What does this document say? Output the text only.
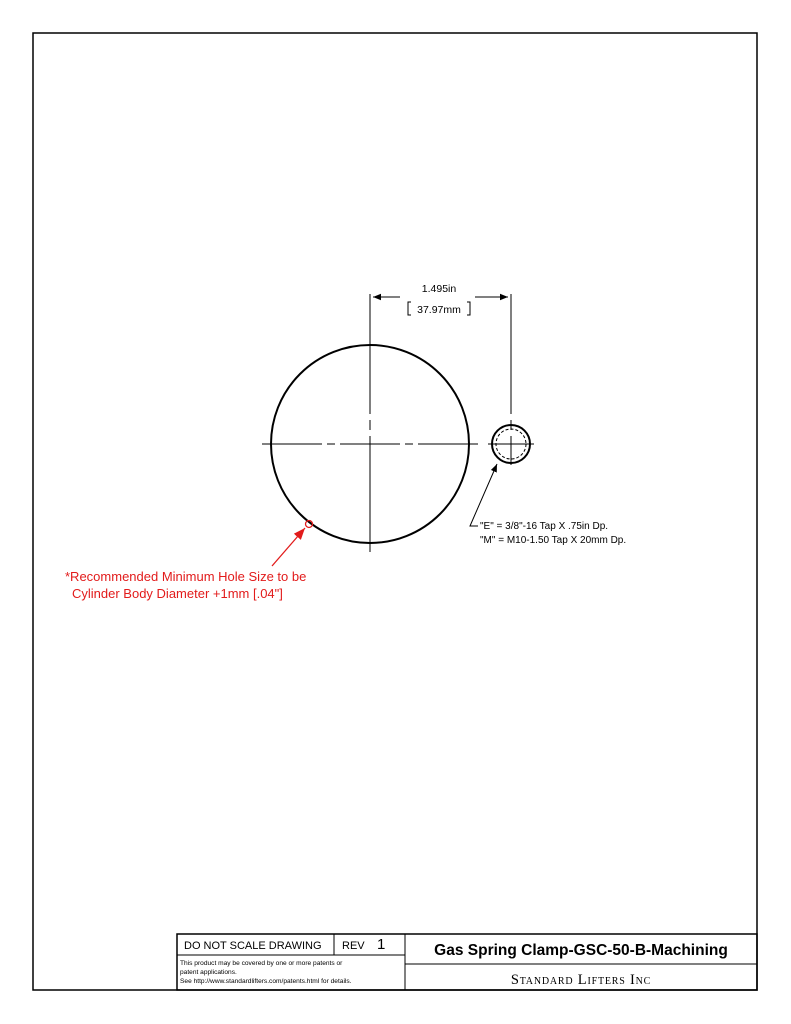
1.495in
37.97mm
"E" = 3/8"-16 Tap X .75in Dp.
"M" = M10-1.50 Tap X 20mm Dp.
*Recommended Minimum Hole Size to be
Cylinder Body Diameter +1mm [.04"]
DO NOT SCALE DRAWING REV 1
This product may be covered by one or more patents or
patent applications.
See http://www.standardlifters.com/patents.html for details.
Gas Spring Clamp-GSC-50-B-Machining
Standard Lifters Inc
